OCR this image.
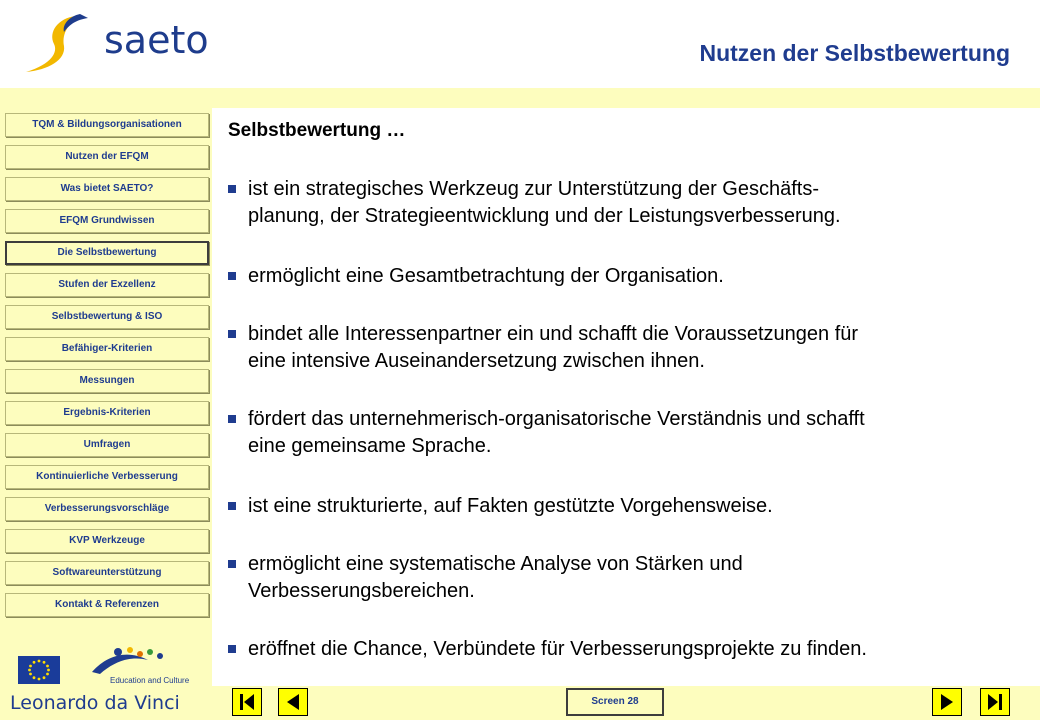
saeto	Nutzen der Selbstbewertung
TQM & Bildungsorganisationen
Nutzen der EFQM
Was bietet SAETO?
EFQM Grundwissen
Die Selbstbewertung
Stufen der Exzellenz
Selbstbewertung & ISO
Befähiger-Kriterien
Messungen
Ergebnis-Kriterien
Umfragen
Kontinuierliche Verbesserung
Verbesserungsvorschläge
KVP Werkzeuge
Softwareunterstützung
Kontakt & Referenzen
Selbstbewertung …
ist ein strategisches Werkzeug zur Unterstützung der Geschäfts-
planung, der Strategieentwicklung und der Leistungsverbesserung.
ermöglicht eine Gesamtbetrachtung der Organisation.
bindet alle Interessenpartner ein und schafft die Voraussetzungen für
eine intensive Auseinandersetzung zwischen ihnen.
fördert das unternehmerisch-organisatorische Verständnis und schafft
eine gemeinsame Sprache.
ist eine strukturierte, auf Fakten gestützte Vorgehensweise.
ermöglicht eine systematische Analyse von Stärken und
Verbesserungsbereichen.
eröffnet die Chance, Verbündete für Verbesserungsprojekte zu finden.
Education and Culture
Leonardo da Vinci	Screen 28
